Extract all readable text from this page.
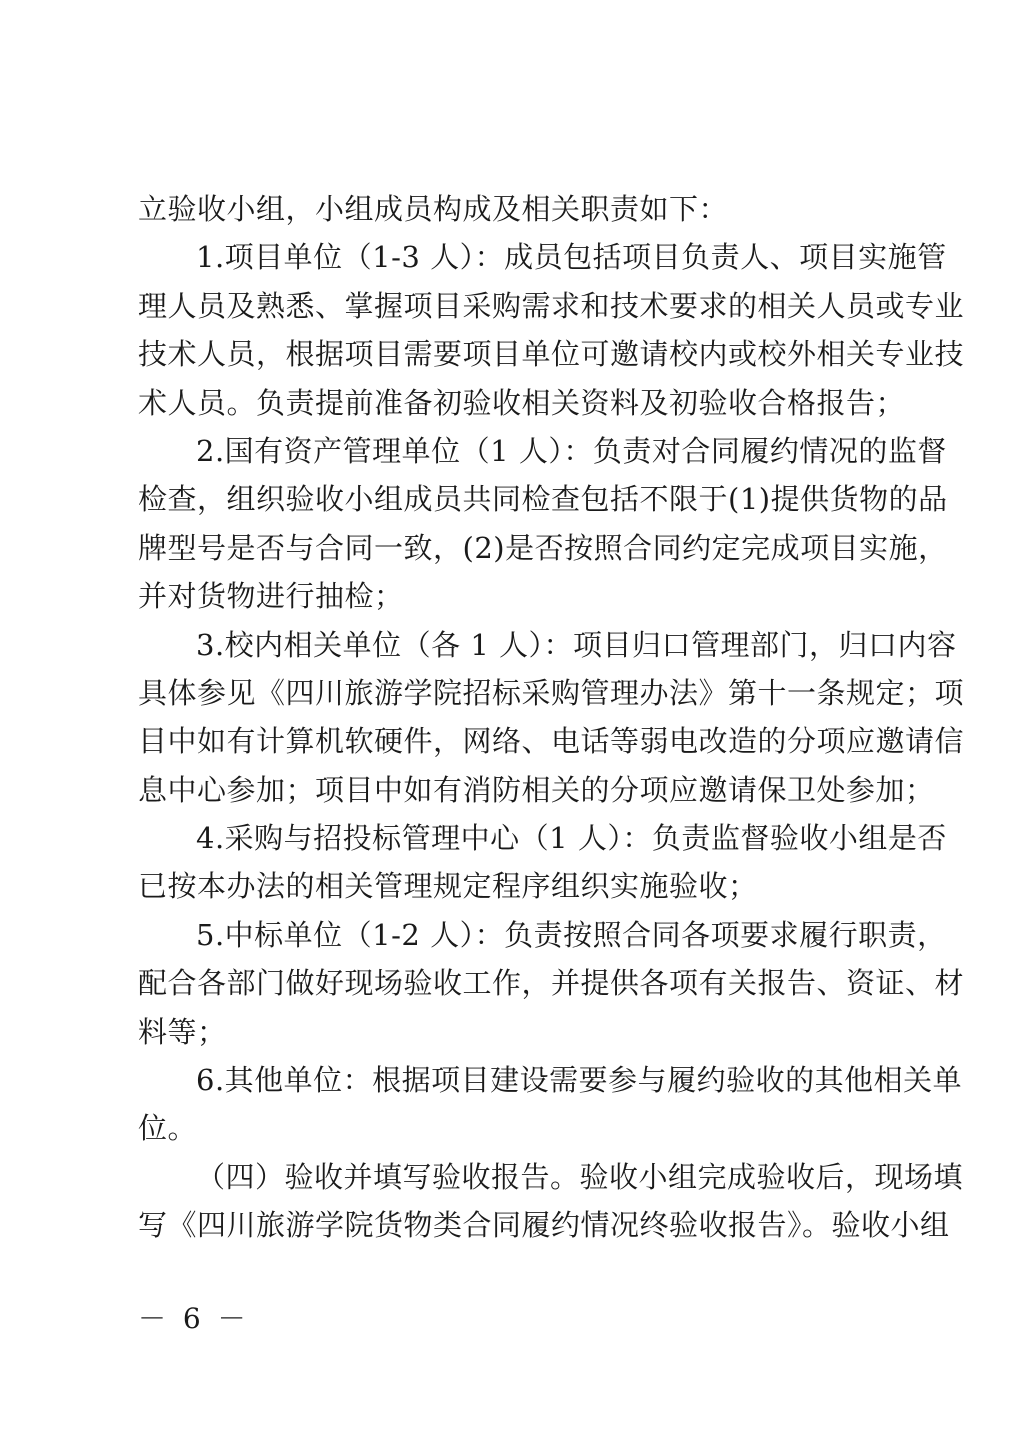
立验收小组，小组成员构成及相关职责如下：
1.项目单位（1-3 人）：成员包括项目负责人、项目实施管
理人员及熟悉、掌握项目采购需求和技术要求的相关人员或专业
技术人员，根据项目需要项目单位可邀请校内或校外相关专业技
术人员。负责提前准备初验收相关资料及初验收合格报告；
2.国有资产管理单位（1 人）：负责对合同履约情况的监督
检查，组织验收小组成员共同检查包括不限于(1)提供货物的品
牌型号是否与合同一致，(2)是否按照合同约定完成项目实施，
并对货物进行抽检；
3.校内相关单位（各 1 人）：项目归口管理部门，归口内容
具体参见《四川旅游学院招标采购管理办法》第十一条规定；项
目中如有计算机软硬件，网络、电话等弱电改造的分项应邀请信
息中心参加；项目中如有消防相关的分项应邀请保卫处参加；
4.采购与招投标管理中心（1 人）：负责监督验收小组是否
已按本办法的相关管理规定程序组织实施验收；
5.中标单位（1-2 人）：负责按照合同各项要求履行职责，
配合各部门做好现场验收工作，并提供各项有关报告、资证、材
料等；
6.其他单位：根据项目建设需要参与履约验收的其他相关单
位。
（四）验收并填写验收报告。验收小组完成验收后，现场填
写《四川旅游学院货物类合同履约情况终验收报告》。验收小组
－ 6 －
